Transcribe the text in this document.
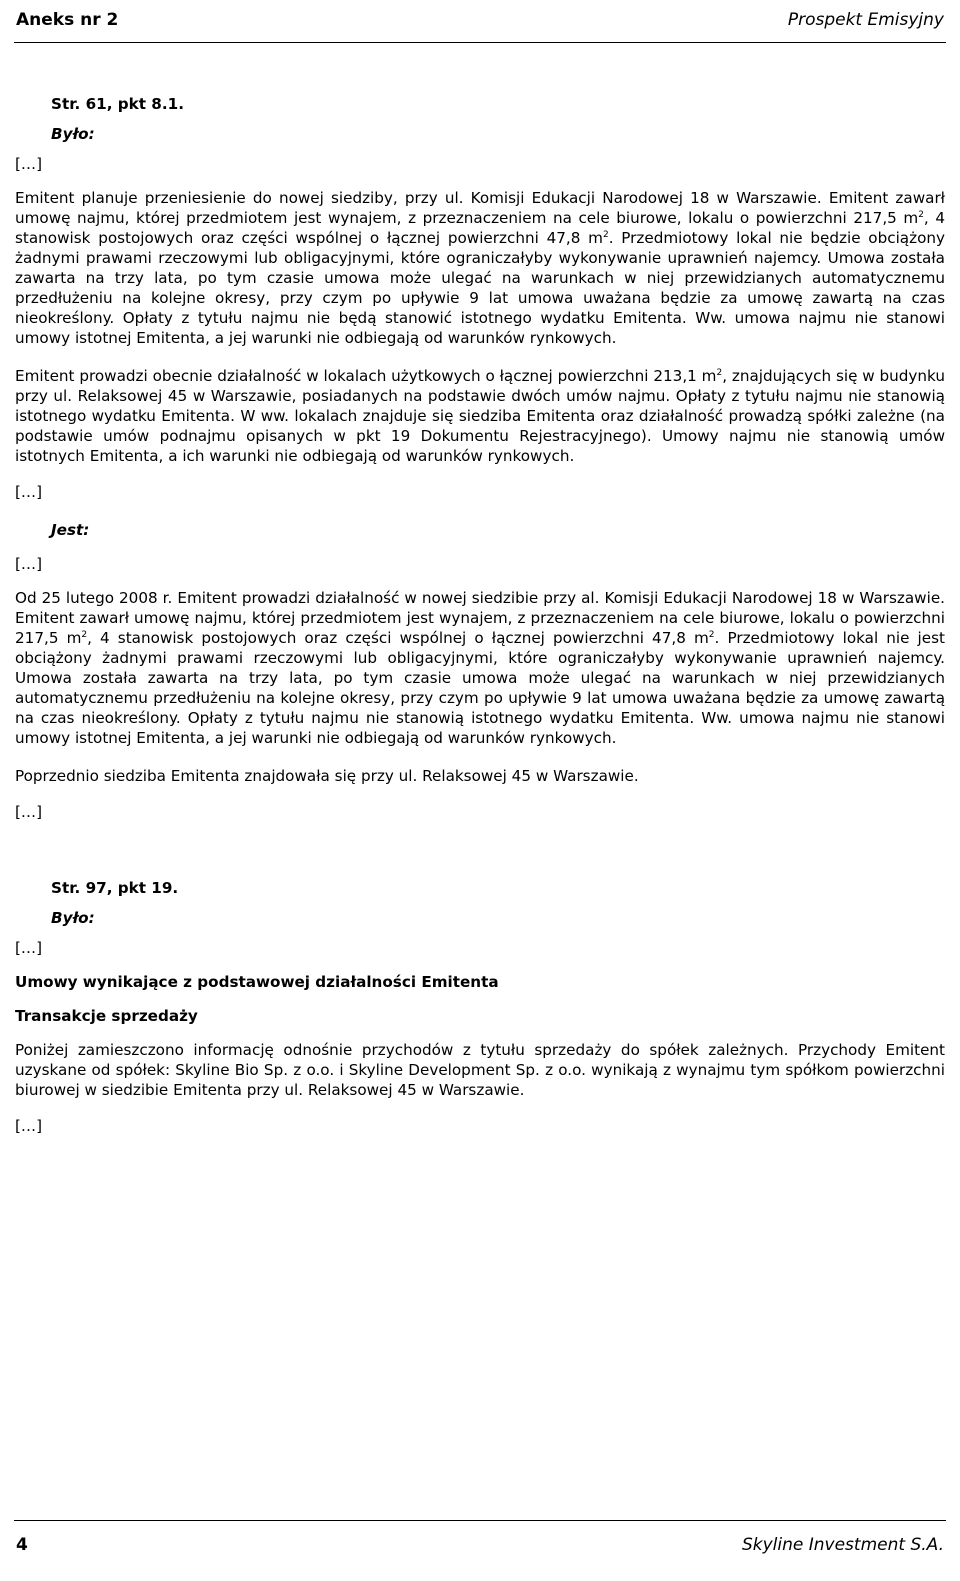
Aneks nr 2	Prospekt Emisyjny
Str. 61, pkt 8.1.
Było:
[…]

Emitent planuje przeniesienie do nowej siedziby, przy ul. Komisji Edukacji Narodowej 18 w Warszawie. Emitent zawarł umowę najmu, której przedmiotem jest wynajem, z przeznaczeniem na cele biurowe, lokalu o powierzchni 217,5 $m^2$, 4 stanowisk postojowych oraz części wspólnej o łącznej powierzchni 47,8 $m^2$. Przedmiotowy lokal nie będzie obciążony żadnymi prawami rzeczowymi lub obligacyjnymi, które ograniczałyby wykonywanie uprawnień najemcy. Umowa została zawarta na trzy lata, po tym czasie umowa może ulegać na warunkach w niej przewidzianych automatycznemu przedłużeniu na kolejne okresy, przy czym po upływie 9 lat umowa uważana będzie za umowę zawartą na czas nieokreślony. Opłaty z tytułu najmu nie będą stanowić istotnego wydatku Emitenta. Ww. umowa najmu nie stanowi umowy istotnej Emitenta, a jej warunki nie odbiegają od warunków rynkowych.

Emitent prowadzi obecnie działalność w lokalach użytkowych o łącznej powierzchni 213,1 $m^2$, znajdujących się w budynku przy ul. Relaksowej 45 w Warszawie, posiadanych na podstawie dwóch umów najmu. Opłaty z tytułu najmu nie stanowią istotnego wydatku Emitenta. W ww. lokalach znajduje się siedziba Emitenta oraz działalność prowadzą spółki zależne (na podstawie umów podnajmu opisanych w pkt 19 Dokumentu Rejestracyjnego). Umowy najmu nie stanowią umów istotnych Emitenta, a ich warunki nie odbiegają od warunków rynkowych.

[…]
Jest:
[…]

Od 25 lutego 2008 r. Emitent prowadzi działalność w nowej siedzibie przy al. Komisji Edukacji Narodowej 18 w Warszawie. Emitent zawarł umowę najmu, której przedmiotem jest wynajem, z przeznaczeniem na cele biurowe, lokalu o powierzchni 217,5 $m^2$, 4 stanowisk postojowych oraz części wspólnej o łącznej powierzchni 47,8 $m^2$. Przedmiotowy lokal nie jest obciążony żadnymi prawami rzeczowymi lub obligacyjnymi, które ograniczałyby wykonywanie uprawnień najemcy. Umowa została zawarta na trzy lata, po tym czasie umowa może ulegać na warunkach w niej przewidzianych automatycznemu przedłużeniu na kolejne okresy, przy czym po upływie 9 lat umowa uważana będzie za umowę zawartą na czas nieokreślony. Opłaty z tytułu najmu nie stanowią istotnego wydatku Emitenta. Ww. umowa najmu nie stanowi umowy istotnej Emitenta, a jej warunki nie odbiegają od warunków rynkowych.

Poprzednio siedziba Emitenta znajdowała się przy ul. Relaksowej 45 w Warszawie.

[…]
Str. 97, pkt 19.
Było:
[…]
Umowy wynikające z podstawowej działalności Emitenta
Transakcje sprzedaży

Poniżej zamieszczono informację odnośnie przychodów z tytułu sprzedaży do spółek zależnych. Przychody Emitent uzyskane od spółek: Skyline Bio Sp. z o.o. i Skyline Development Sp. z o.o. wynikają z wynajmu tym spółkom powierzchni biurowej w siedzibie Emitenta przy ul. Relaksowej 45 w Warszawie.

[…]
4	Skyline Investment S.A.
